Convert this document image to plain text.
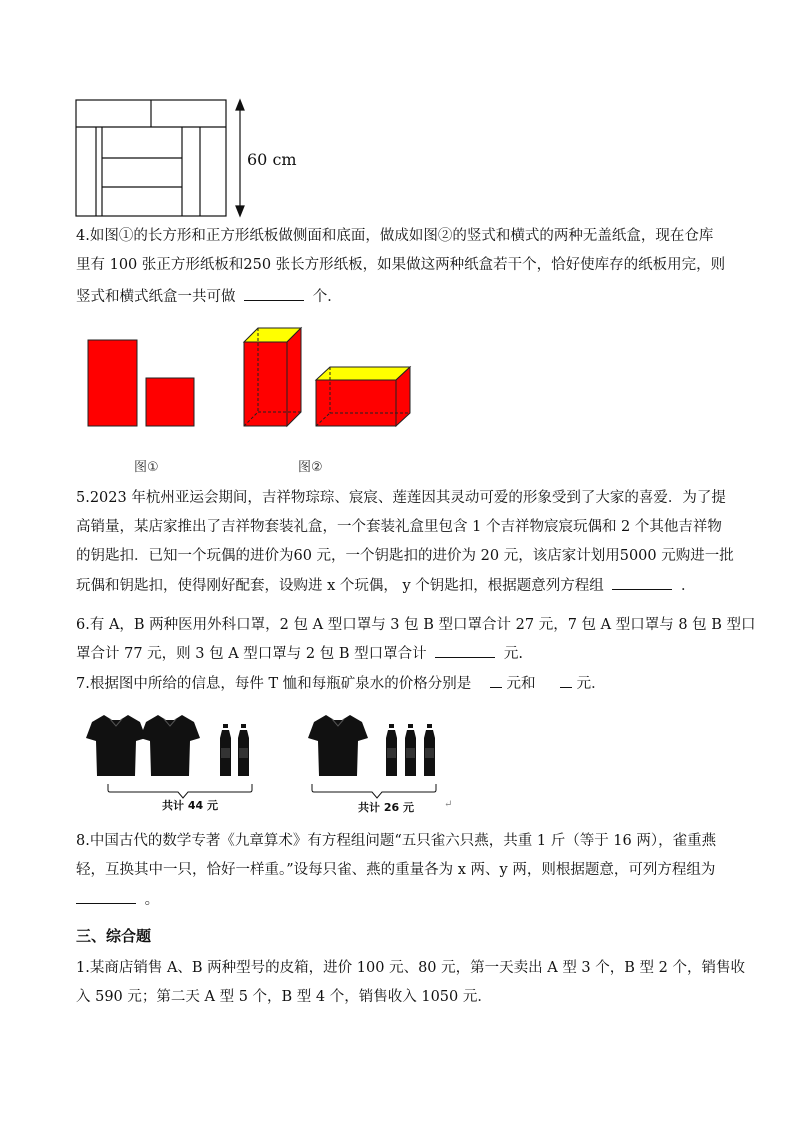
60 cm
4.如图①的长方形和正方形纸板做侧面和底面，做成如图②的竖式和横式的两种无盖纸盒，现在仓库
里有 100 张正方形纸板和250 张长方形纸板，如果做这两种纸盒若干个，恰好使库存的纸板用完，则
竖式和横式纸盒一共可做	个．
图①	图②
5.2023 年杭州亚运会期间，吉祥物琮琮、宸宸、莲莲因其灵动可爱的形象受到了大家的喜爱．为了提
高销量，某店家推出了吉祥物套装礼盒，一个套装礼盒里包含 1 个吉祥物宸宸玩偶和 2 个其他吉祥物
的钥匙扣．已知一个玩偶的进价为60 元，一个钥匙扣的进价为 20 元，该店家计划用5000 元购进一批
玩偶和钥匙扣，使得刚好配套，设购进 x 个玩偶， y 个钥匙扣，根据题意列方程组	．
6.有 A，B 两种医用外科口罩，2 包 A 型口罩与 3 包 B 型口罩合计 27 元，7 包 A 型口罩与 8 包 B 型口
罩合计 77 元，则 3 包 A 型口罩与 2 包 B 型口罩合计	元.
7.根据图中所给的信息，每件 T 恤和每瓶矿泉水的价格分别是 元和	元．
共计 44 元	共计 26 元	↵
8.中国古代的数学专著《九章算术》有方程组问题“五只雀六只燕，共重 1 斤（等于 16 两），雀重燕
轻，互换其中一只，恰好一样重。”设每只雀、燕的重量各为 x 两、y 两，则根据题意，可列方程组为
。
三、综合题
1.某商店销售 A、B 两种型号的皮箱，进价 100 元、80 元，第一天卖出 A 型 3 个，B 型 2 个，销售收
入 590 元；第二天 A 型 5 个，B 型 4 个，销售收入 1050 元．
